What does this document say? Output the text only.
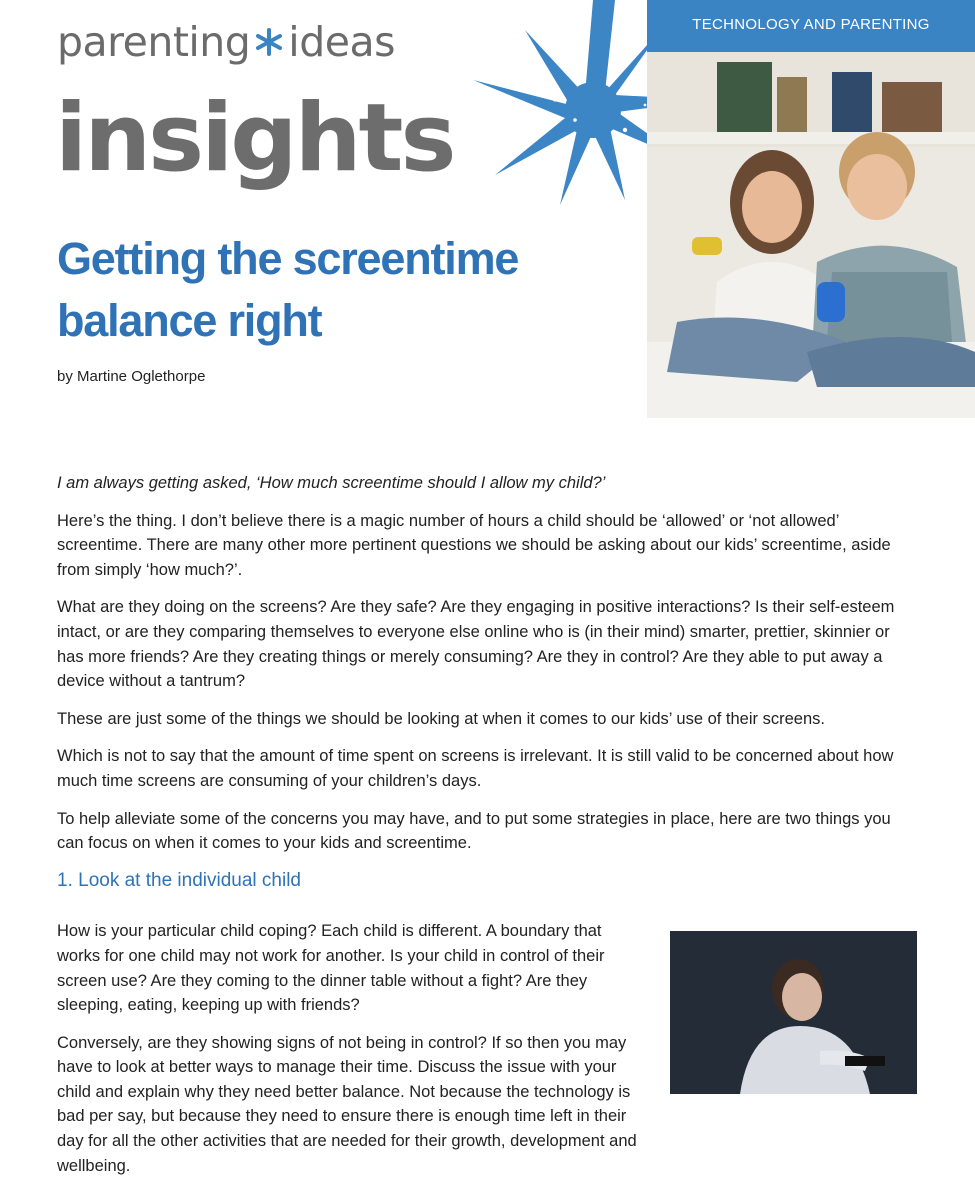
parenting ideas
insights
TECHNOLOGY AND PARENTING
Getting the screentime
balance right
by Martine Oglethorpe

I am always getting asked, ‘How much screentime should I allow my child?’

Here’s the thing. I don’t believe there is a magic number of hours a child should be ‘allowed’ or ‘not allowed’ screentime. There are many other more pertinent questions we should be asking about our kids’ screentime, aside from simply ‘how much?’.

What are they doing on the screens? Are they safe? Are they engaging in positive interactions? Is their self-esteem intact, or are they comparing themselves to everyone else online who is (in their mind) smarter, prettier, skinnier or has more friends? Are they creating things or merely consuming? Are they in control? Are they able to put away a device without a tantrum?

These are just some of the things we should be looking at when it comes to our kids’ use of their screens.

Which is not to say that the amount of time spent on screens is irrelevant. It is still valid to be concerned about how much time screens are consuming of your children’s days.

To help alleviate some of the concerns you may have, and to put some strategies in place, here are two things you can focus on when it comes to your kids and screentime.

1. Look at the individual child

How is your particular child coping? Each child is different. A boundary that works for one child may not work for another. Is your child in control of their screen use? Are they coming to the dinner table without a fight? Are they sleeping, eating, keeping up with friends?

Conversely, are they showing signs of not being in control? If so then you may have to look at better ways to manage their time. Discuss the issue with your child and explain why they need better balance. Not because the technology is bad per say, but because they need to ensure there is enough time left in their day for all the other activities that are needed for their growth, development and wellbeing.
